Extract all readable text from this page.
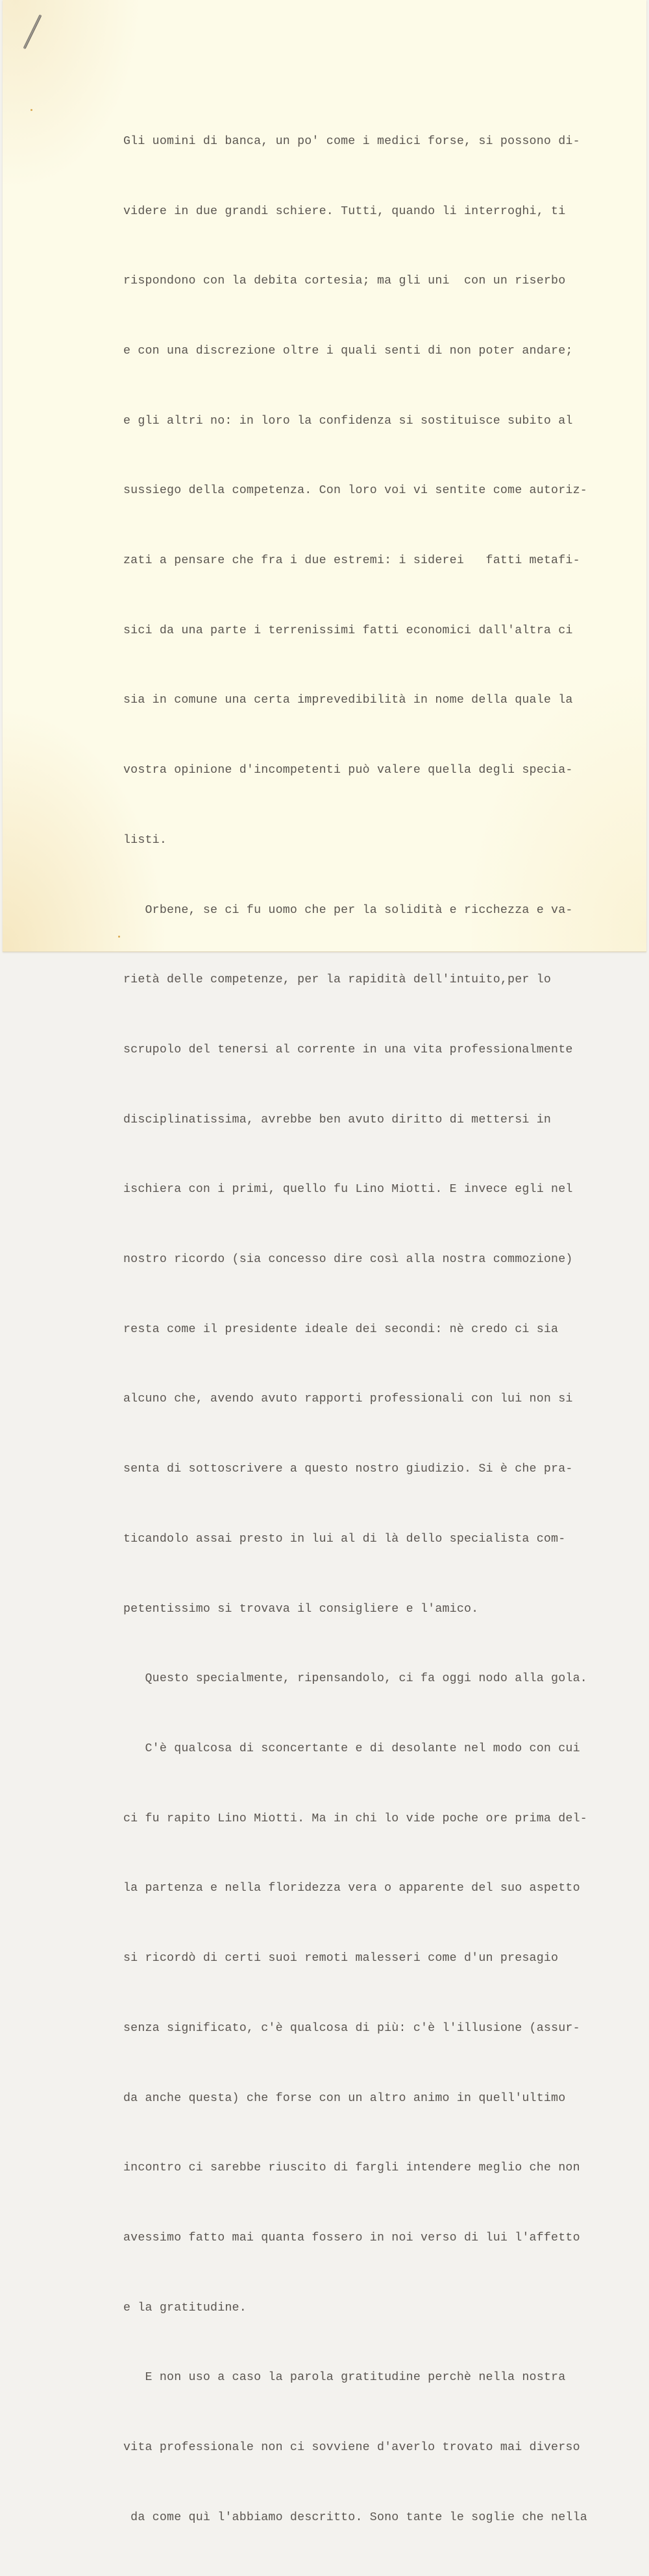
Gli uomini di banca, un po' come i medici forse, si possono di-

videre in due grandi schiere. Tutti, quando li interroghi, ti

rispondono con la debita cortesia; ma gli uni  con un riserbo

e con una discrezione oltre i quali senti di non poter andare;

e gli altri no: in loro la confidenza si sostituisce subito al

sussiego della competenza. Con loro voi vi sentite come autoriz-

zati a pensare che fra i due estremi: i siderei   fatti metafi-

sici da una parte i terrenissimi fatti economici dall'altra ci

sia in comune una certa imprevedibilità in nome della quale la

vostra opinione d'incompetenti può valere quella degli specia-

listi.

Orbene, se ci fu uomo che per la solidità e ricchezza e va-

rietà delle competenze, per la rapidità dell'intuito,per lo

scrupolo del tenersi al corrente in una vita professionalmente

disciplinatissima, avrebbe ben avuto diritto di mettersi in

ischiera con i primi, quello fu Lino Miotti. E invece egli nel

nostro ricordo (sia concesso dire così alla nostra commozione)

resta come il presidente ideale dei secondi: nè credo ci sia

alcuno che, avendo avuto rapporti professionali con lui non si

senta di sottoscrivere a questo nostro giudizio. Si è che pra-

ticandolo assai presto in lui al di là dello specialista com-

petentissimo si trovava il consigliere e l'amico.

Questo specialmente, ripensandolo, ci fa oggi nodo alla gola.

C'è qualcosa di sconcertante e di desolante nel modo con cui

ci fu rapito Lino Miotti. Ma in chi lo vide poche ore prima del-

la partenza e nella floridezza vera o apparente del suo aspetto

si ricordò di certi suoi remoti malesseri come d'un presagio

senza significato, c'è qualcosa di più: c'è l'illusione (assur-

da anche questa) che forse con un altro animo in quell'ultimo

incontro ci sarebbe riuscito di fargli intendere meglio che non

avessimo fatto mai quanta fossero in noi verso di lui l'affetto

e la gratitudine.

E non uso a caso la parola gratitudine perchè nella nostra

vita professionale non ci sovviene d'averlo trovato mai diverso

da come quì l'abbiamo descritto. Sono tante le soglie che nella
